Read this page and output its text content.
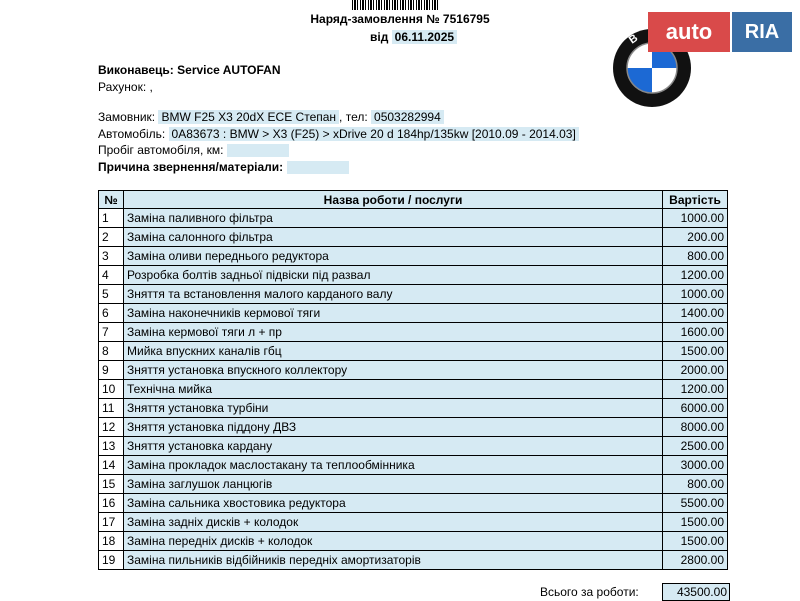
Наряд-замовлення № 7516795
від 06.11.2025	B	auto	RIA
Виконавець: Service AUTOFAN
Рахунок: ,
Замовник: BMW F25 X3 20dX ECE Степан , тел: 0503282994
Автомобіль: 0A83673 : BMW > X3 (F25) > xDrive 20 d 184hp/135kw [2010.09 - 2014.03]
Пробіг автомобіля, км:
Причина звернення/матеріали:
№	Назва роботи / послуги	Вартість
1	Заміна паливного фільтра	1000.00
2	Заміна салонного фільтра	200.00
3	Заміна оливи переднього редуктора	800.00
4	Розробка болтів задньої підвіски під развал	1200.00
5	Зняття та встановлення малого карданого валу	1000.00
6	Заміна наконечників кермової тяги	1400.00
7	Заміна кермової тяги л + пр	1600.00
8	Мийка впускних каналів гбц	1500.00
9	Зняття установка впускного коллектору	2000.00
10	Технічна мийка	1200.00
11	Зняття установка турбіни	6000.00
12	Зняття установка піддону ДВЗ	8000.00
13	Зняття установка кардану	2500.00
14	Заміна прокладок маслостакану та теплообмінника	3000.00
15	Заміна заглушок ланцюгів	800.00
16	Заміна сальника хвостовика редуктора	5500.00
17	Заміна задніх дисків + колодок	1500.00
18	Заміна передніх дисків + колодок	1500.00
19	Заміна пильників відбійників передніх амортизаторів	2800.00
Всього за роботи:	43500.00
